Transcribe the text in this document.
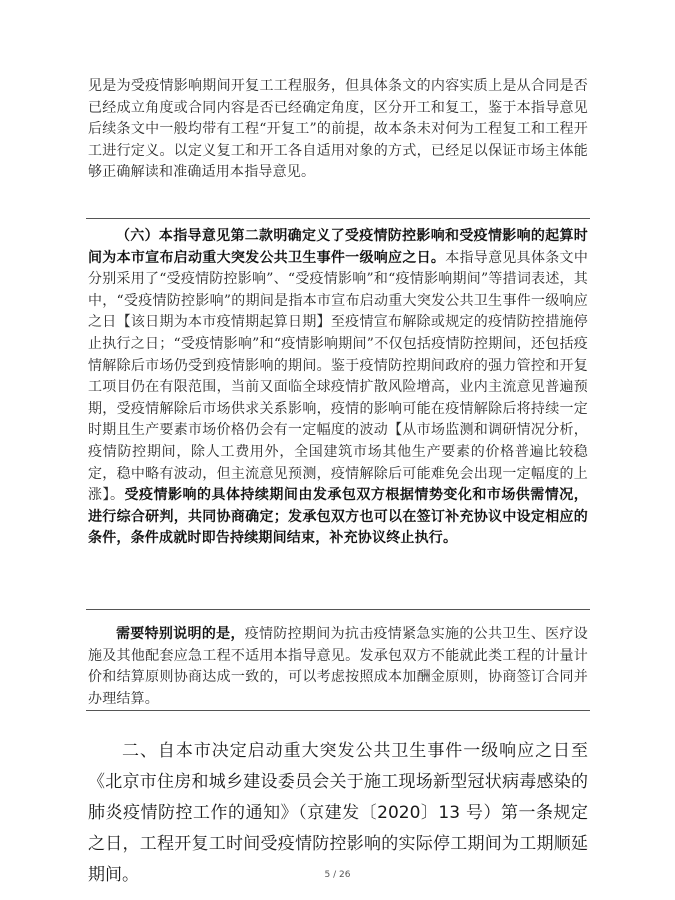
见是为受疫情影响期间开复工工程服务，但具体条文的内容实质上是从合同是否已经成立角度或合同内容是否已经确定角度，区分开工和复工，鉴于本指导意见后续条文中一般均带有工程“开复工”的前提，故本条未对何为工程复工和工程开工进行定义。以定义复工和开工各自适用对象的方式，已经足以保证市场主体能够正确解读和准确适用本指导意见。

（六）本指导意见第二款明确定义了受疫情防控影响和受疫情影响的起算时间为本市宣布启动重大突发公共卫生事件一级响应之日。本指导意见具体条文中分别采用了“受疫情防控影响”、“受疫情影响”和“疫情影响期间”等措词表述，其中，“受疫情防控影响”的期间是指本市宣布启动重大突发公共卫生事件一级响应之日【该日期为本市疫情期起算日期】至疫情宣布解除或规定的疫情防控措施停止执行之日；“受疫情影响”和“疫情影响期间”不仅包括疫情防控期间，还包括疫情解除后市场仍受到疫情影响的期间。鉴于疫情防控期间政府的强力管控和开复工项目仍在有限范围，当前又面临全球疫情扩散风险增高，业内主流意见普遍预期，受疫情解除后市场供求关系影响，疫情的影响可能在疫情解除后将持续一定时期且生产要素市场价格仍会有一定幅度的波动【从市场监测和调研情况分析，疫情防控期间，除人工费用外，全国建筑市场其他生产要素的价格普遍比较稳定，稳中略有波动，但主流意见预测，疫情解除后可能难免会出现一定幅度的上涨】。受疫情影响的具体持续期间由发承包双方根据情势变化和市场供需情况，进行综合研判，共同协商确定；发承包双方也可以在签订补充协议中设定相应的条件，条件成就时即告持续期间结束，补充协议终止执行。

需要特别说明的是，疫情防控期间为抗击疫情紧急实施的公共卫生、医疗设施及其他配套应急工程不适用本指导意见。发承包双方不能就此类工程的计量计价和结算原则协商达成一致的，可以考虑按照成本加酬金原则，协商签订合同并办理结算。

二、自本市决定启动重大突发公共卫生事件一级响应之日至《北京市住房和城乡建设委员会关于施工现场新型冠状病毒感染的肺炎疫情防控工作的通知》（京建发〔2020〕13 号）第一条规定之日，工程开复工时间受疫情防控影响的实际停工期间为工期顺延期间。	5 / 26
